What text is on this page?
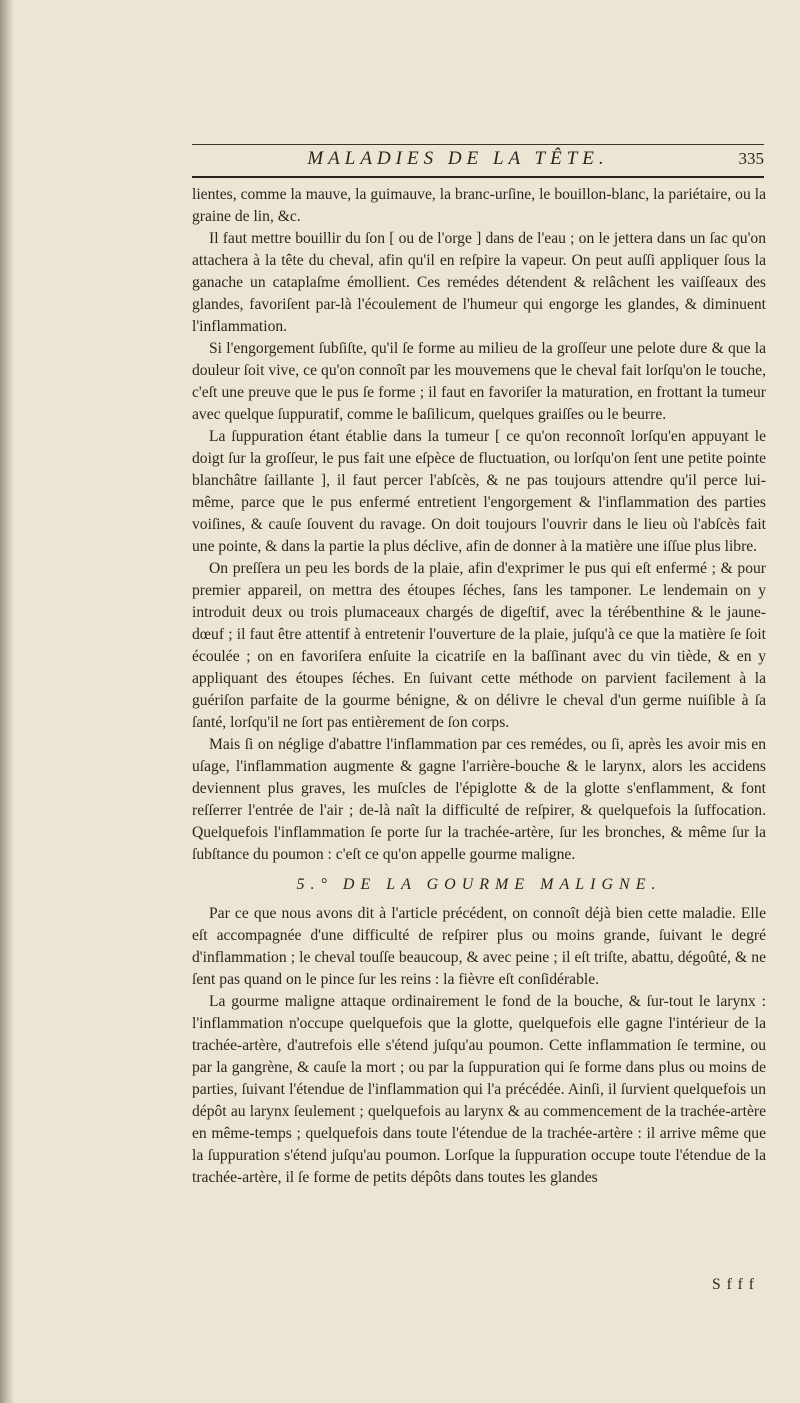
MALADIES DE LA TÊTE.	335

lientes, comme la mauve, la guimauve, la branc-urſine, le bouillon-blanc, la pariétaire, ou la graine de lin, &c.

Il faut mettre bouillir du ſon [ ou de l'orge ] dans de l'eau ; on le jettera dans un ſac qu'on attachera à la tête du cheval, afin qu'il en reſpire la vapeur. On peut auſſi appliquer ſous la ganache un cataplaſme émollient. Ces remédes détendent & relâchent les vaiſſeaux des glandes, favoriſent par-là l'écoulement de l'humeur qui engorge les glandes, & diminuent l'inflammation.

Si l'engorgement ſubſiſte, qu'il ſe forme au milieu de la groſſeur une pelote dure & que la douleur ſoit vive, ce qu'on connoît par les mouvemens que le cheval fait lorſqu'on le touche, c'eſt une preuve que le pus ſe forme ; il faut en favoriſer la maturation, en frottant la tumeur avec quelque ſuppuratif, comme le baſilicum, quelques graiſſes ou le beurre.

La ſuppuration étant établie dans la tumeur [ ce qu'on reconnoît lorſqu'en appuyant le doigt ſur la groſſeur, le pus fait une eſpèce de fluctuation, ou lorſqu'on ſent une petite pointe blanchâtre ſaillante ], il faut percer l'abſcès, & ne pas toujours attendre qu'il perce lui-même, parce que le pus enfermé entretient l'engorgement & l'inflammation des parties voiſines, & cauſe ſouvent du ravage. On doit toujours l'ouvrir dans le lieu où l'abſcès fait une pointe, & dans la partie la plus déclive, afin de donner à la matière une iſſue plus libre.

On preſſera un peu les bords de la plaie, afin d'exprimer le pus qui eſt enfermé ; & pour premier appareil, on mettra des étoupes ſéches, ſans les tamponer. Le lendemain on y introduit deux ou trois plumaceaux chargés de digeſtif, avec la térébenthine & le jaune-dœuf ; il faut être attentif à entretenir l'ouverture de la plaie, juſqu'à ce que la matière ſe ſoit écoulée ; on en favoriſera enſuite la cicatriſe en la baſſinant avec du vin tiède, & en y appliquant des étoupes ſéches. En ſuivant cette méthode on parvient facilement à la guériſon parfaite de la gourme bénigne, & on délivre le cheval d'un germe nuiſible à ſa ſanté, lorſqu'il ne ſort pas entièrement de ſon corps.

Mais ſi on néglige d'abattre l'inflammation par ces remédes, ou ſi, après les avoir mis en uſage, l'inflammation augmente & gagne l'arrière-bouche & le larynx, alors les accidens deviennent plus graves, les muſcles de l'épiglotte & de la glotte s'enflamment, & font reſſerrer l'entrée de l'air ; de-là naît la difficulté de reſpirer, & quelquefois la ſuffocation. Quelquefois l'inflammation ſe porte ſur la trachée-artère, ſur les bronches, & même ſur la ſubſtance du poumon : c'eſt ce qu'on appelle gourme maligne.

5.° DE LA GOURME MALIGNE.

Par ce que nous avons dit à l'article précédent, on connoît déjà bien cette maladie. Elle eſt accompagnée d'une difficulté de reſpirer plus ou moins grande, ſuivant le degré d'inflammation ; le cheval touſſe beaucoup, & avec peine ; il eſt triſte, abattu, dégoûté, & ne ſent pas quand on le pince ſur les reins : la fièvre eſt conſidérable.

La gourme maligne attaque ordinairement le fond de la bouche, & ſur-tout le larynx : l'inflammation n'occupe quelquefois que la glotte, quelquefois elle gagne l'intérieur de la trachée-artère, d'autrefois elle s'étend juſqu'au poumon. Cette inflammation ſe termine, ou par la gangrène, & cauſe la mort ; ou par la ſuppuration qui ſe forme dans plus ou moins de parties, ſuivant l'étendue de l'inflammation qui l'a précédée. Ainſi, il ſurvient quelquefois un dépôt au larynx ſeulement ; quelquefois au larynx & au commencement de la trachée-artère en même-temps ; quelquefois dans toute l'étendue de la trachée-artère : il arrive même que la ſuppuration s'étend juſqu'au poumon. Lorſque la ſuppuration occupe toute l'étendue de la trachée-artère, il ſe forme de petits dépôts dans toutes les glandes

S f f f
